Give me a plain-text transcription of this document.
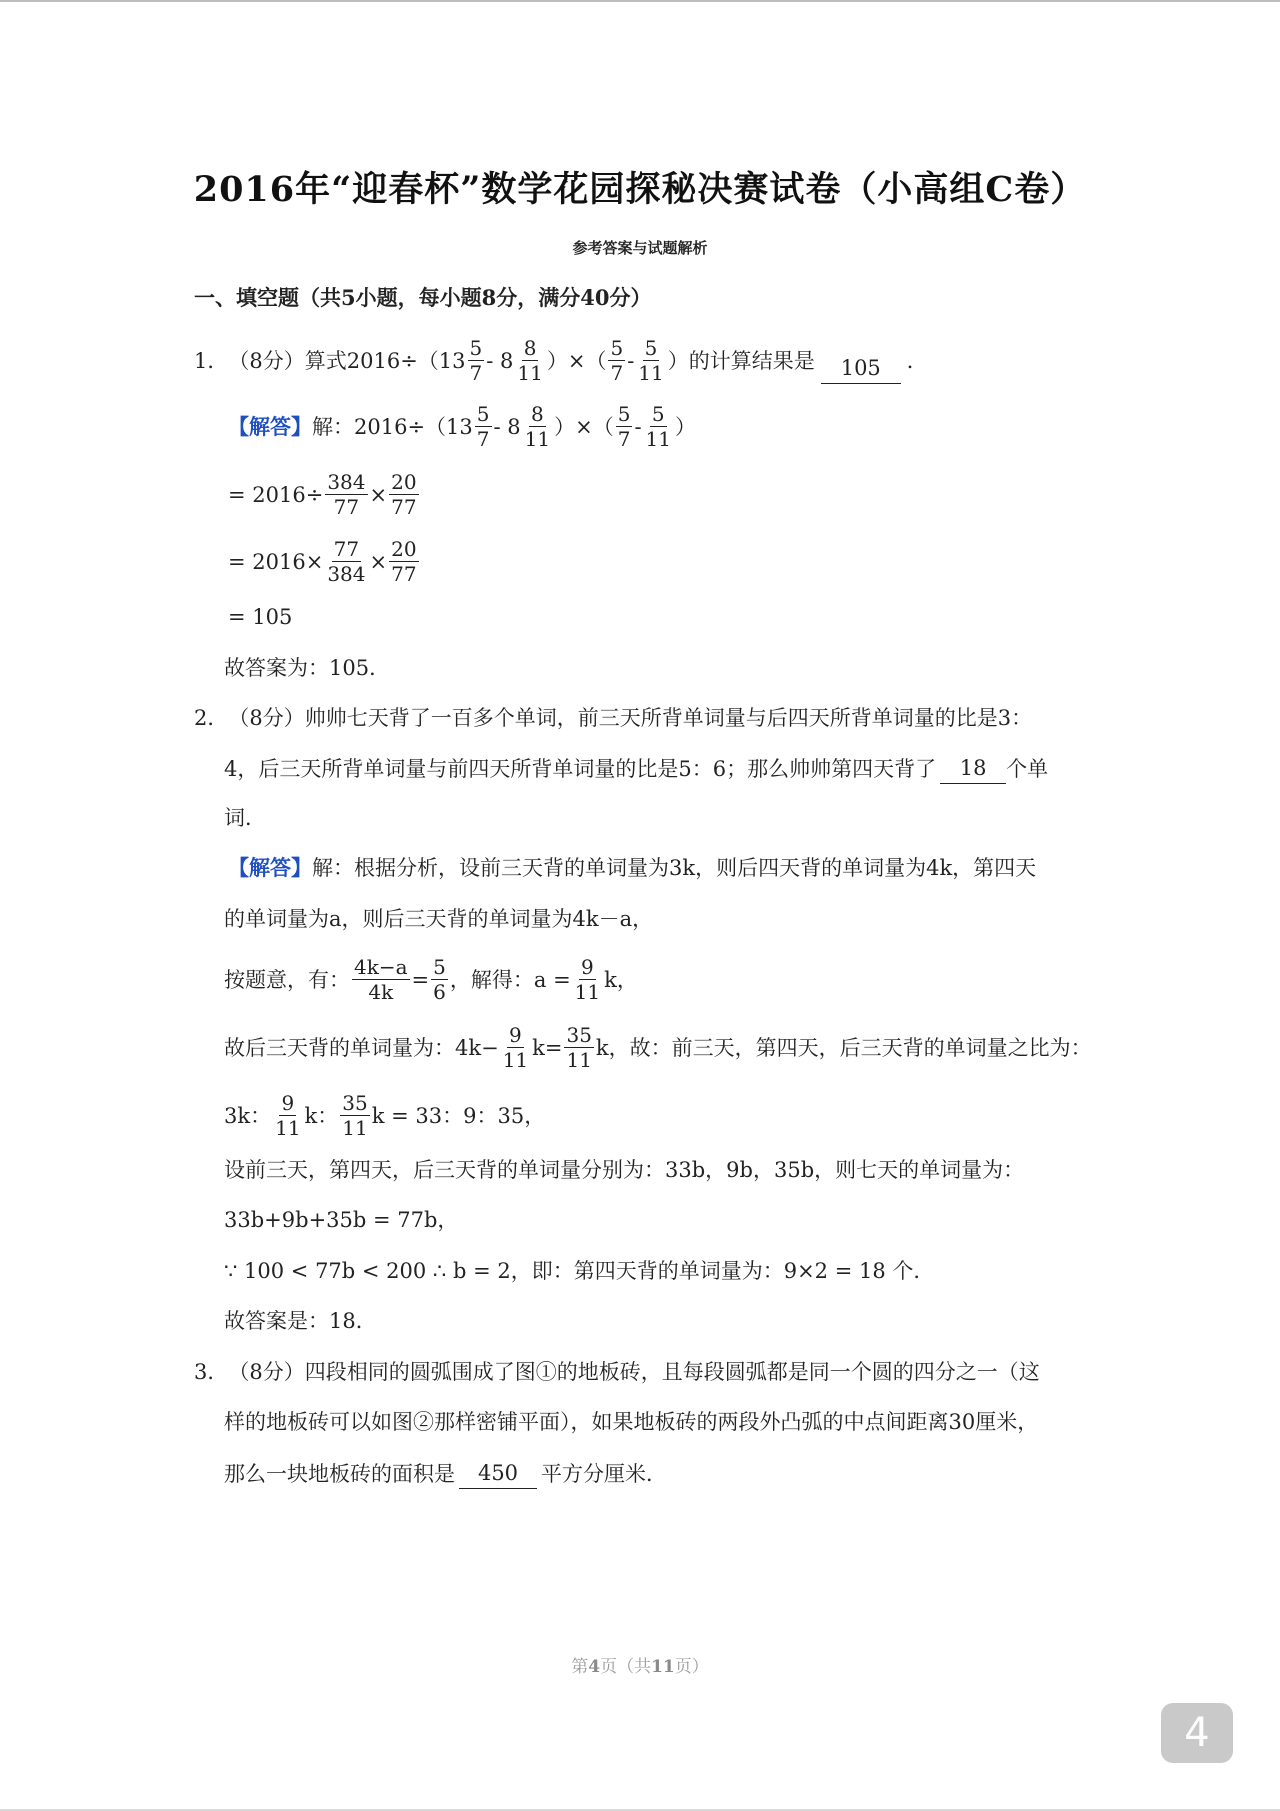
2016年“迎春杯”数学花园探秘决赛试卷（小高组C卷）
参考答案与试题解析
一、填空题（共5小题，每小题8分，满分40分）
1． （8分） 算式$2016\div(13 \frac{5}{7} - 8 \frac{8}{11}$ ）×（ $\frac{5}{7} - \frac{5}{11}$ ）的计算结果是	105	．
【解答】 解：$2016\div(13 \frac{5}{7} - 8 \frac{8}{11}$ ）×（ $\frac{5}{7} - \frac{5}{11}$ ）
= $2016\div \frac{384}{77} \times \frac{20}{77}$
= $2016\times \frac{77}{384} \times \frac{20}{77}$
= 105
故答案为：105．
2． （8分）帅帅七天背了一百多个单词，前三天所背单词量与后四天所背单词量的比是3：
4，后三天所背单词量与前四天所背单词量的比是5：6；那么帅帅第四天背了	18 个单
词．
【解答】 解：根据分析，设前三天背的单词量为3k，则后四天背的单词量为4k，第四天
的单词量为a，则后三天背的单词量为4k－a，
按题意，有： $\frac{4k-a}{4k} = \frac{5}{6}$ ，解得：$a = \frac{9}{11}$ k，
故后三天背的单词量为：$4k- \frac{9}{11} k= \frac{35}{11}$ k，故：前三天，第四天，后三天背的单词量之比为：
3k： $\frac{9}{11}$ k： $\frac{35}{11}$ k = 33：9：35，
设前三天，第四天，后三天背的单词量分别为：33b，9b，35b，则七天的单词量为：
33b+9b+35b = 77b，
∵ 100 < 77b < 200 ∴ b = 2，即：第四天背的单词量为：9×2 = 18 个．
故答案是：18．
3． （8分）四段相同的圆弧围成了图①的地板砖，且每段圆弧都是同一个圆的四分之一（这
样的地板砖可以如图②那样密铺平面），如果地板砖的两段外凸弧的中点间距离30厘米，
那么一块地板砖的面积是	450	平方分厘米．
第4页（共11页）
4
